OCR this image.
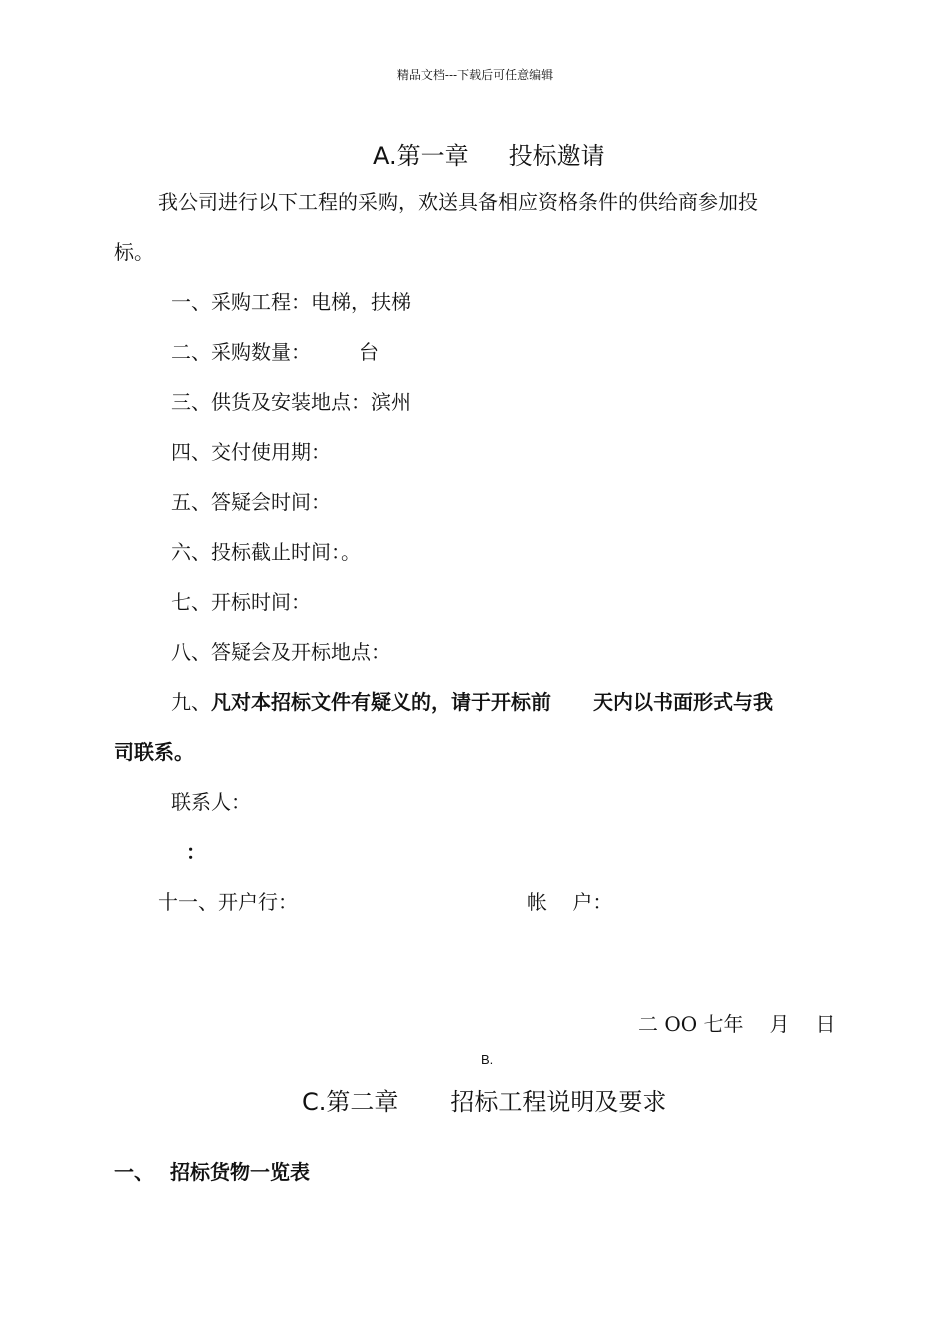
精品文档---下载后可任意编辑
A.第一章 投标邀请
我公司进行以下工程的采购，欢送具备相应资格条件的供给商参加投
标。
一、采购工程：电梯，扶梯
二、采购数量： 台
三、供货及安装地点：滨州
四、交付使用期：
五、答疑会时间：
六、投标截止时间：。
七、开标时间：
八、答疑会及开标地点：
九、凡对本招标文件有疑义的，请于开标前 天内以书面形式与我
司联系。
联系人：
：
十一、开户行：	帐    户：
二 OO 七年 月 日
B.
C.第二章 招标工程说明及要求
一、 招标货物一览表
